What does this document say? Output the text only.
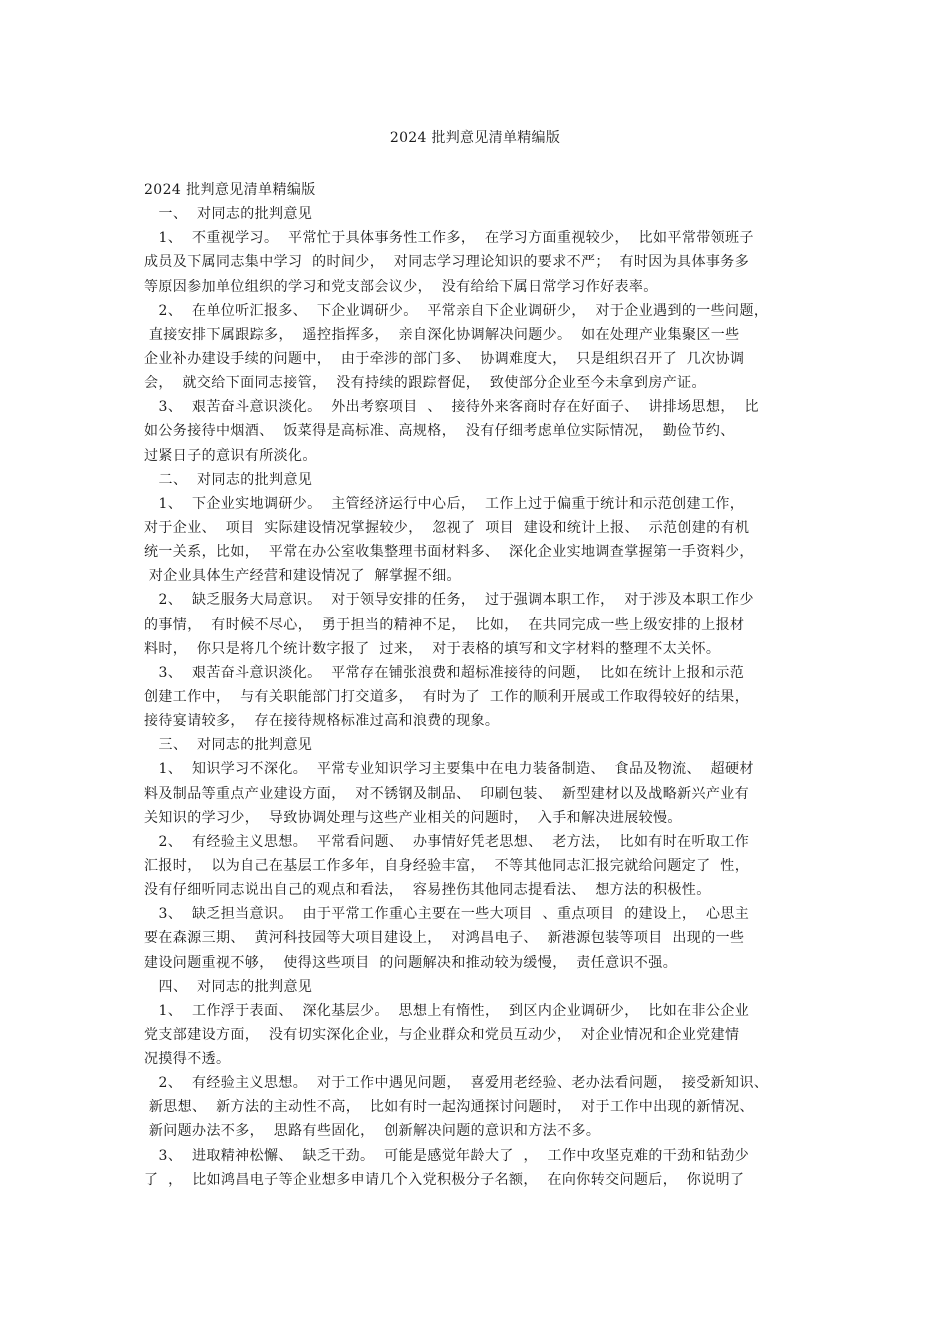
2024 批判意见清单精编版
2024 批判意见清单精编版
一、  对同志的批判意见
1、  不重视学习。  平常忙于具体事务性工作多，  在学习方面重视较少，  比如平常带领班子
成员及下属同志集中学习  的时间少，  对同志学习理论知识的要求不严；  有时因为具体事务多
等原因参加单位组织的学习和党支部会议少，  没有给给下属日常学习作好表率。
2、  在单位听汇报多、  下企业调研少。  平常亲自下企业调研少，  对于企业遇到的一些问题，
直接安排下属跟踪多，  遥控指挥多，  亲自深化协调解决问题少。  如在处理产业集聚区一些
企业补办建设手续的问题中，  由于牵涉的部门多、  协调难度大，  只是组织召开了  几次协调
会，  就交给下面同志接管，  没有持续的跟踪督促，  致使部分企业至今未拿到房产证。
3、  艰苦奋斗意识淡化。  外出考察项目  、  接待外来客商时存在好面子、  讲排场思想，  比
如公务接待中烟酒、  饭菜得是高标准、高规格，  没有仔细考虑单位实际情况，  勤俭节约、
过紧日子的意识有所淡化。
二、  对同志的批判意见
1、  下企业实地调研少。  主管经济运行中心后，  工作上过于偏重于统计和示范创建工作，
对于企业、  项目  实际建设情况掌握较少，  忽视了  项目  建设和统计上报、  示范创建的有机
统一关系，比如，  平常在办公室收集整理书面材料多、  深化企业实地调查掌握第一手资料少，
对企业具体生产经营和建设情况了  解掌握不细。
2、  缺乏服务大局意识。  对于领导安排的任务，  过于强调本职工作，  对于涉及本职工作少
的事情，  有时候不尽心，  勇于担当的精神不足，  比如，  在共同完成一些上级安排的上报材
料时，  你只是将几个统计数字报了  过来，  对于表格的填写和文字材料的整理不太关怀。
3、  艰苦奋斗意识淡化。  平常存在铺张浪费和超标准接待的问题，  比如在统计上报和示范
创建工作中，  与有关职能部门打交道多，  有时为了  工作的顺利开展或工作取得较好的结果，
接待宴请较多，  存在接待规格标准过高和浪费的现象。
三、  对同志的批判意见
1、  知识学习不深化。  平常专业知识学习主要集中在电力装备制造、  食品及物流、  超硬材
料及制品等重点产业建设方面，  对不锈钢及制品、  印刷包装、  新型建材以及战略新兴产业有
关知识的学习少，  导致协调处理与这些产业相关的问题时，  入手和解决进展较慢。
2、  有经验主义思想。  平常看问题、  办事情好凭老思想、  老方法，  比如有时在听取工作
汇报时，  以为自己在基层工作多年，自身经验丰富，  不等其他同志汇报完就给问题定了  性，
没有仔细听同志说出自己的观点和看法，  容易挫伤其他同志提看法、  想方法的积极性。
3、  缺乏担当意识。  由于平常工作重心主要在一些大项目  、重点项目  的建设上，  心思主
要在森源三期、  黄河科技园等大项目建设上，  对鸿昌电子、  新港源包装等项目  出现的一些
建设问题重视不够，  使得这些项目  的问题解决和推动较为缓慢，  责任意识不强。
四、  对同志的批判意见
1、  工作浮于表面、  深化基层少。  思想上有惰性，  到区内企业调研少，  比如在非公企业
党支部建设方面，  没有切实深化企业，与企业群众和党员互动少，  对企业情况和企业党建情
况摸得不透。
2、  有经验主义思想。  对于工作中遇见问题，  喜爱用老经验、老办法看问题，  接受新知识、
新思想、  新方法的主动性不高，  比如有时一起沟通探讨问题时，  对于工作中出现的新情况、
新问题办法不多，  思路有些固化，  创新解决问题的意识和方法不多。
3、  进取精神松懈、  缺乏干劲。  可能是感觉年龄大了  ，  工作中攻坚克难的干劲和钻劲少
了  ，  比如鸿昌电子等企业想多申请几个入党积极分子名额，  在向你转交问题后，  你说明了
